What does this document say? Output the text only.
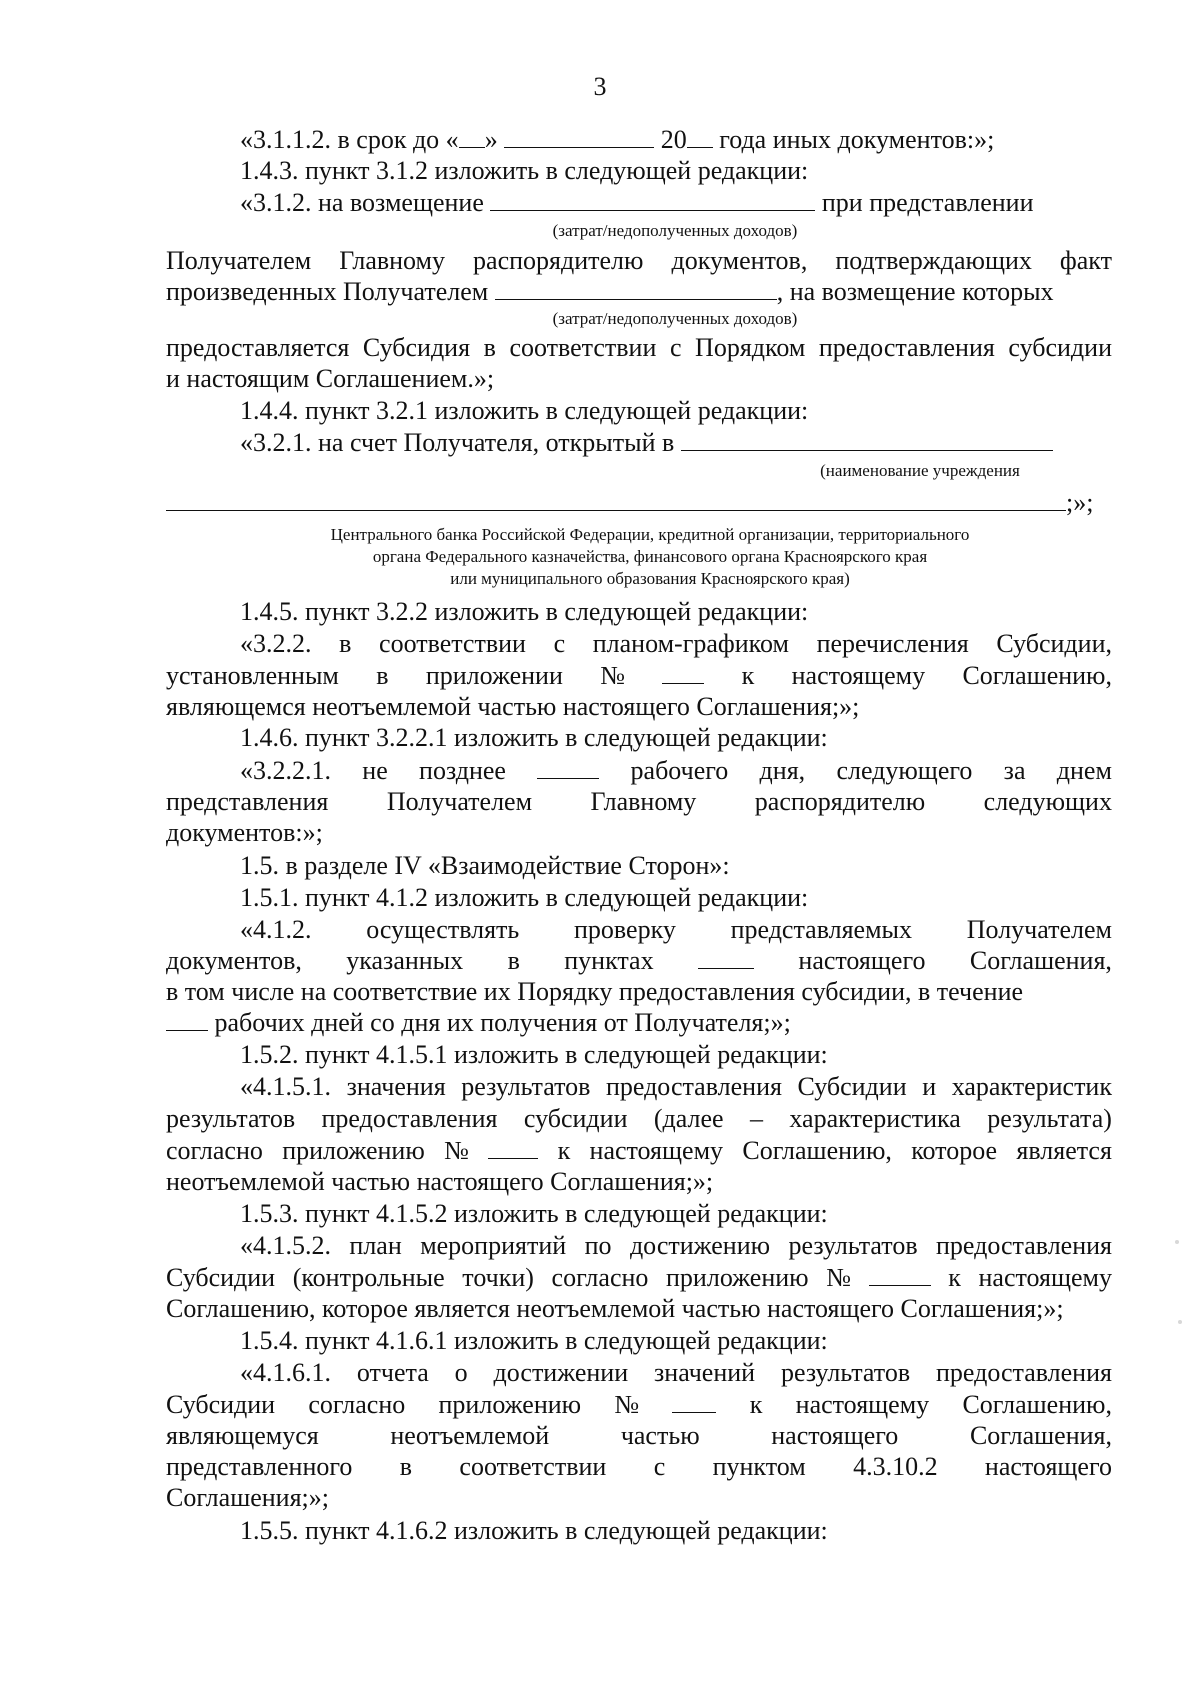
3
«3.1.1.2. в срок до « »	20 года иных документов:»;
1.4.3. пункт 3.1.2 изложить в следующей редакции:
«3.1.2. на возмещение	при представлении
(затрат/недополученных доходов)
Получателем Главному распорядителю документов, подтверждающих факт
произведенных Получателем	, на возмещение которых
(затрат/недополученных доходов)
предоставляется Субсидия в соответствии с Порядком предоставления субсидии
и настоящим Соглашением.»;
1.4.4. пункт 3.2.1 изложить в следующей редакции:
«3.2.1. на счет Получателя, открытый в
(наименование учреждения
;»;
Центрального банка Российской Федерации, кредитной организации, территориального
органа Федерального казначейства, финансового органа Красноярского края
или муниципального образования Красноярского края)
1.4.5. пункт 3.2.2 изложить в следующей редакции:
«3.2.2. в соответствии с планом-графиком перечисления Субсидии,
установленным в приложении №	к настоящему Соглашению,
являющемся неотъемлемой частью настоящего Соглашения;»;
1.4.6. пункт 3.2.2.1 изложить в следующей редакции:
«3.2.2.1. не позднее	рабочего дня, следующего за днем
представления Получателем Главному распорядителю следующих
документов:»;
1.5. в разделе IV «Взаимодействие Сторон»:
1.5.1. пункт 4.1.2 изложить в следующей редакции:
«4.1.2. осуществлять проверку представляемых Получателем
документов, указанных в пунктах	настоящего Соглашения,
в том числе на соответствие их Порядку предоставления субсидии, в течение
рабочих дней со дня их получения от Получателя;»;
1.5.2. пункт 4.1.5.1 изложить в следующей редакции:
«4.1.5.1. значения результатов предоставления Субсидии и характеристик
результатов предоставления субсидии (далее – характеристика результата)
согласно приложению №	к настоящему Соглашению, которое является
неотъемлемой частью настоящего Соглашения;»;
1.5.3. пункт 4.1.5.2 изложить в следующей редакции:
«4.1.5.2. план мероприятий по достижению результатов предоставления
Субсидии (контрольные точки) согласно приложению №	к настоящему
Соглашению, которое является неотъемлемой частью настоящего Соглашения;»;
1.5.4. пункт 4.1.6.1 изложить в следующей редакции:
«4.1.6.1. отчета о достижении значений результатов предоставления
Субсидии согласно приложению №	к настоящему Соглашению,
являющемуся	неотъемлемой	частью	настоящего	Соглашения,
представленного в соответствии с пунктом 4.3.10.2 настоящего
Соглашения;»;
1.5.5. пункт 4.1.6.2 изложить в следующей редакции:
